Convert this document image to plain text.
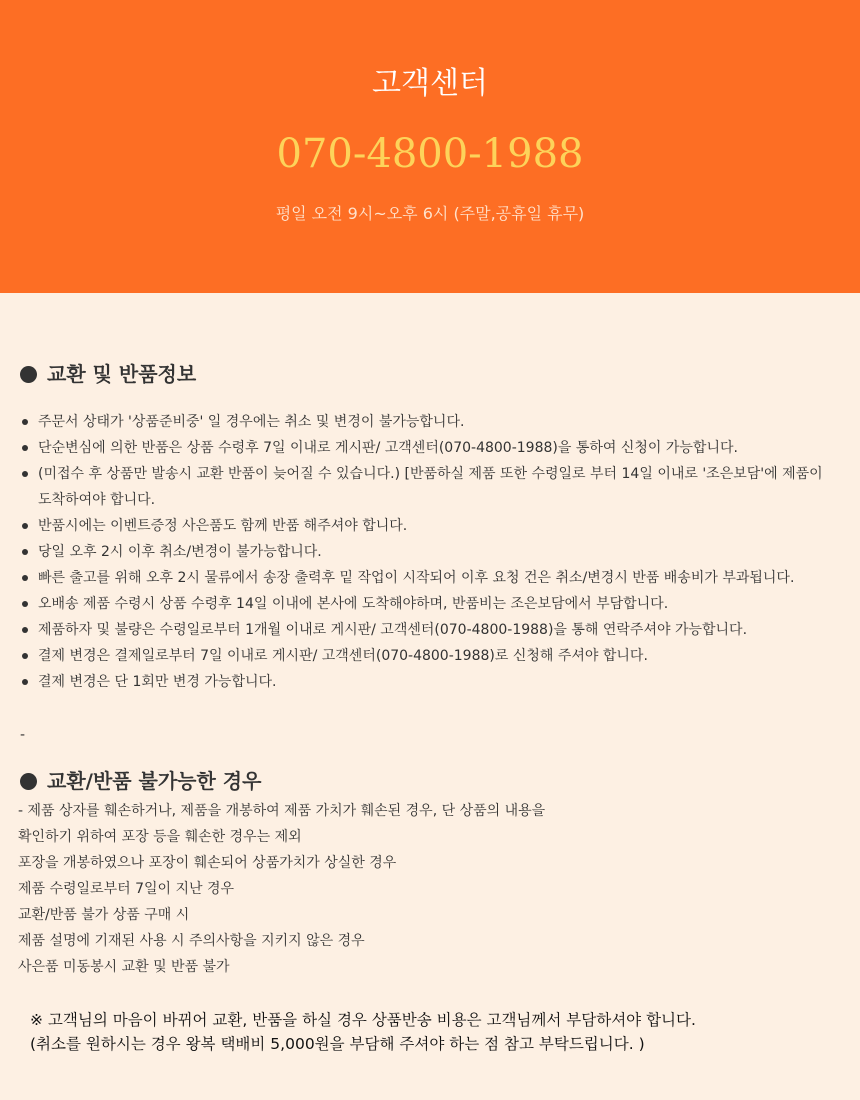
고객센터
070-4800-1988
평일 오전 9시~오후 6시 (주말,공휴일 휴무)
교환 및 반품정보
주문서 상태가 '상품준비중' 일 경우에는 취소 및 변경이 불가능합니다.
단순변심에 의한 반품은 상품 수령후 7일 이내로 게시판/ 고객센터(070-4800-1988)을 통하여 신청이 가능합니다.
(미접수 후 상품만 발송시 교환 반품이 늦어질 수 있습니다.) [반품하실 제품 또한 수령일로 부터 14일 이내로 '조은보담'에 제품이 도착하여야 합니다.
반품시에는 이벤트증정 사은품도 함께 반품 해주셔야 합니다.
당일 오후 2시 이후 취소/변경이 불가능합니다.
빠른 출고를 위해 오후 2시 물류에서 송장 출력후 밑 작업이 시작되어 이후 요청 건은 취소/변경시 반품 배송비가 부과됩니다.
오배송 제품 수령시 상품 수령후 14일 이내에 본사에 도착해야하며, 반품비는 조은보담에서 부담합니다.
제품하자 및 불량은 수령일로부터 1개월 이내로 게시판/ 고객센터(070-4800-1988)을 통해 연락주셔야 가능합니다.
결제 변경은 결제일로부터 7일 이내로 게시판/ 고객센터(070-4800-1988)로 신청해 주셔야 합니다.
결제 변경은 단 1회만 변경 가능합니다.
-
교환/반품 불가능한 경우
- 제품 상자를 훼손하거나, 제품을 개봉하여 제품 가치가 훼손된 경우, 단 상품의 내용을
확인하기 위하여 포장 등을 훼손한 경우는 제외
포장을 개봉하였으나 포장이 훼손되어 상품가치가 상실한 경우
제품 수령일로부터 7일이 지난 경우
교환/반품 불가 상품 구매 시
제품 설명에 기재된 사용 시 주의사항을 지키지 않은 경우
사은품 미동봉시 교환 및 반품 불가
※ 고객님의 마음이 바뀌어 교환, 반품을 하실 경우 상품반송 비용은 고객님께서 부담하셔야 합니다.
(취소를 원하시는 경우 왕복 택배비 5,000원을 부담해 주셔야 하는 점 참고 부탁드립니다. )
